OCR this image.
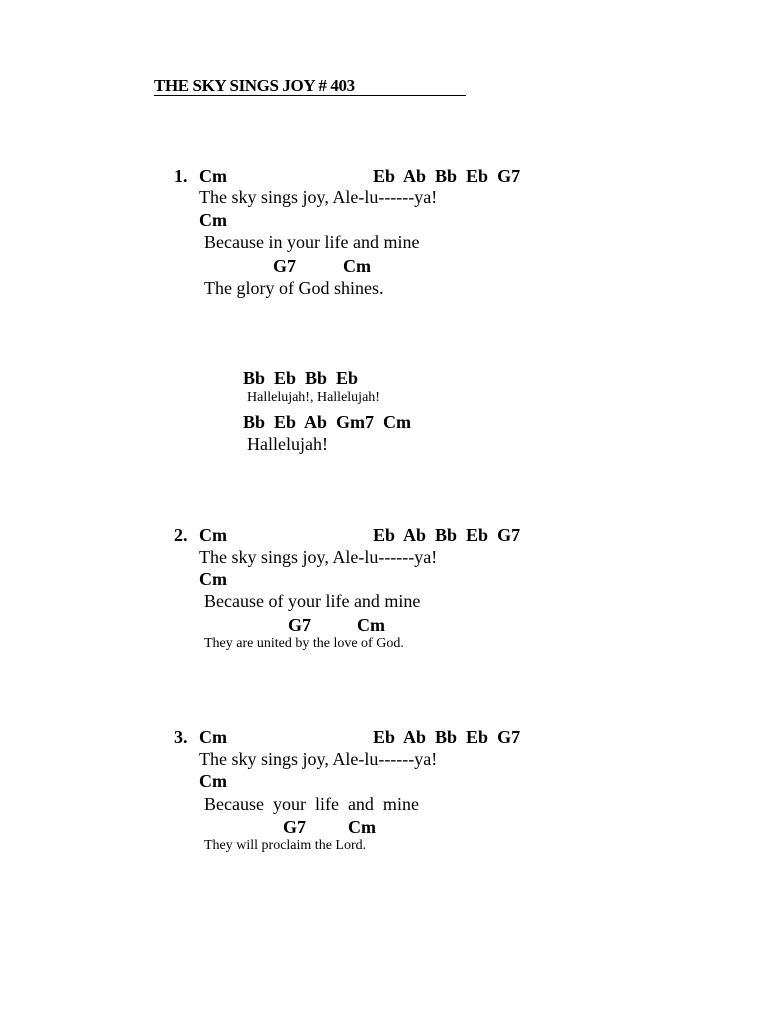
THE SKY SINGS JOY # 403
1. Cm	Eb  Ab  Bb  Eb  G7
The sky sings joy, Ale-lu------ya!
Cm
Because in your life and mine
G7	Cm
The glory of God shines.
Bb  Eb  Bb  Eb
Hallelujah!, Hallelujah!
Bb  Eb  Ab  Gm7  Cm
Hallelujah!
2. Cm	Eb  Ab  Bb  Eb  G7
The sky sings joy, Ale-lu------ya!
Cm
Because of your life and mine
G7	Cm
They are united by the love of God.
3. Cm	Eb  Ab  Bb  Eb  G7
The sky sings joy, Ale-lu------ya!
Cm
Because  your  life  and  mine
G7 Cm
They will proclaim the Lord.
